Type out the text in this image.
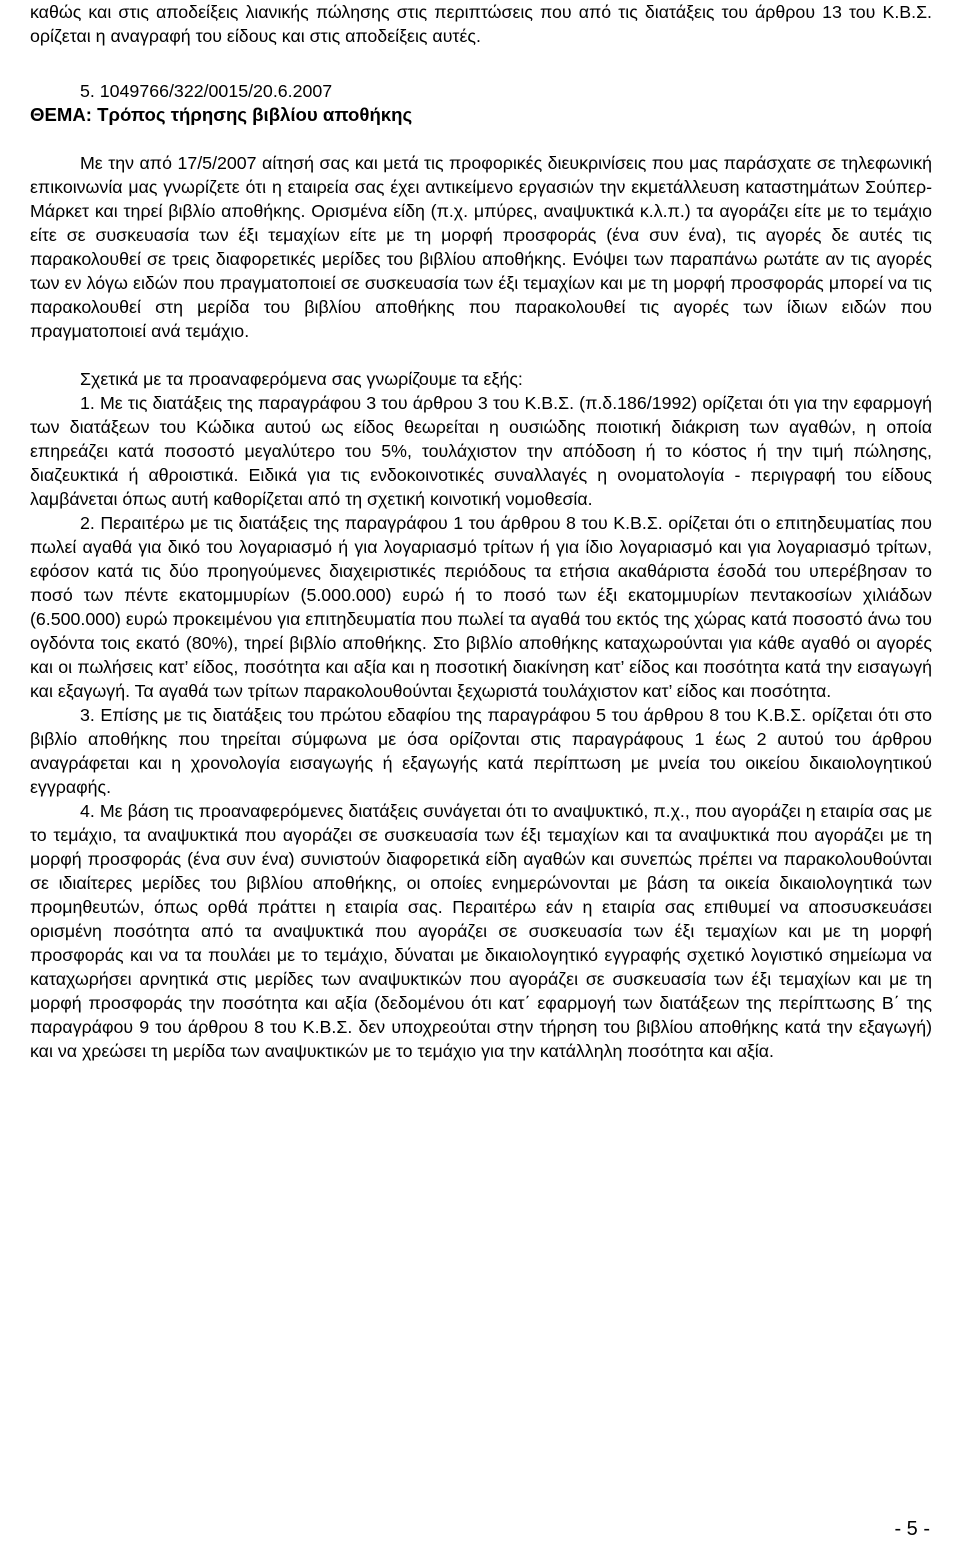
καθώς και στις αποδείξεις λιανικής πώλησης στις περιπτώσεις που από τις διατάξεις του άρθρου 13 του Κ.Β.Σ. ορίζεται η αναγραφή του είδους και στις αποδείξεις αυτές.

5. 1049766/322/0015/20.6.2007

ΘΕΜΑ: Τρόπος τήρησης βιβλίου αποθήκης

Με την από 17/5/2007 αίτησή σας και μετά τις προφορικές διευκρινίσεις που μας παράσχατε σε τηλεφωνική επικοινωνία μας γνωρίζετε ότι η εταιρεία σας έχει αντικείμενο εργασιών την εκμετάλλευση καταστημάτων Σούπερ-Μάρκετ και τηρεί βιβλίο αποθήκης. Ορισμένα είδη (π.χ. μπύρες, αναψυκτικά κ.λ.π.) τα αγοράζει είτε με το τεμάχιο είτε σε συσκευασία των έξι τεμαχίων είτε με τη μορφή προσφοράς (ένα συν ένα), τις αγορές δε αυτές τις παρακολουθεί σε τρεις διαφορετικές μερίδες του βιβλίου αποθήκης. Ενόψει των παραπάνω ρωτάτε αν τις αγορές των εν λόγω ειδών που πραγματοποιεί σε συσκευασία των έξι τεμαχίων και με τη μορφή προσφοράς μπορεί να τις παρακολουθεί στη μερίδα του βιβλίου αποθήκης που παρακολουθεί τις αγορές των ίδιων ειδών που πραγματοποιεί ανά τεμάχιο.

Σχετικά με τα προαναφερόμενα σας γνωρίζουμε τα εξής:

1. Με τις διατάξεις της παραγράφου 3 του άρθρου 3 του Κ.Β.Σ. (π.δ.186/1992) ορίζεται ότι για την εφαρμογή των διατάξεων του Κώδικα αυτού ως είδος θεωρείται η ουσιώδης ποιοτική διάκριση των αγαθών, η οποία επηρεάζει κατά ποσοστό μεγαλύτερο του 5%, τουλάχιστον την απόδοση ή το κόστος ή την τιμή πώλησης, διαζευκτικά ή αθροιστικά. Ειδικά για τις ενδοκοινοτικές συναλλαγές η ονοματολογία - περιγραφή του είδους λαμβάνεται όπως αυτή καθορίζεται από τη σχετική κοινοτική νομοθεσία.

2. Περαιτέρω με τις διατάξεις της παραγράφου 1 του άρθρου 8 του Κ.Β.Σ. ορίζεται ότι ο επιτηδευματίας που πωλεί αγαθά για δικό του λογαριασμό ή για λογαριασμό τρίτων ή για ίδιο λογαριασμό και για λογαριασμό τρίτων, εφόσον κατά τις δύο προηγούμενες διαχειριστικές περιόδους τα ετήσια ακαθάριστα έσοδά του υπερέβησαν το ποσό των πέντε εκατομμυρίων (5.000.000) ευρώ ή το ποσό των έξι εκατομμυρίων πεντακοσίων χιλιάδων (6.500.000) ευρώ προκειμένου για επιτηδευματία που πωλεί τα αγαθά του εκτός της χώρας κατά ποσοστό άνω του ογδόντα τοις εκατό (80%), τηρεί βιβλίο αποθήκης. Στο βιβλίο αποθήκης καταχωρούνται για κάθε αγαθό οι αγορές και οι πωλήσεις κατ’ είδος, ποσότητα και αξία και η ποσοτική διακίνηση κατ’ είδος και ποσότητα κατά την εισαγωγή και εξαγωγή. Τα αγαθά των τρίτων παρακολουθούνται ξεχωριστά τουλάχιστον κατ’ είδος και ποσότητα.

3. Επίσης με τις διατάξεις του πρώτου εδαφίου της παραγράφου 5 του άρθρου 8 του Κ.Β.Σ. ορίζεται ότι στο βιβλίο αποθήκης που τηρείται σύμφωνα με όσα ορίζονται στις παραγράφους 1 έως 2 αυτού του άρθρου αναγράφεται και η χρονολογία εισαγωγής ή εξαγωγής κατά περίπτωση με μνεία του οικείου δικαιολογητικού εγγραφής.

4. Με βάση τις προαναφερόμενες διατάξεις συνάγεται ότι το αναψυκτικό, π.χ., που αγοράζει η εταιρία σας με το τεμάχιο, τα αναψυκτικά που αγοράζει σε συσκευασία των έξι τεμαχίων και τα αναψυκτικά που αγοράζει με τη μορφή προσφοράς (ένα συν ένα) συνιστούν διαφορετικά είδη αγαθών και συνεπώς πρέπει να παρακολουθούνται σε ιδιαίτερες μερίδες του βιβλίου αποθήκης, οι οποίες ενημερώνονται με βάση τα οικεία δικαιολογητικά των προμηθευτών, όπως ορθά πράττει η εταιρία σας. Περαιτέρω εάν η εταιρία σας επιθυμεί να αποσυσκευάσει ορισμένη ποσότητα από τα αναψυκτικά που αγοράζει σε συσκευασία των έξι τεμαχίων και με τη μορφή προσφοράς και να τα πουλάει με το τεμάχιο, δύναται με δικαιολογητικό εγγραφής σχετικό λογιστικό σημείωμα να καταχωρήσει αρνητικά στις μερίδες των αναψυκτικών που αγοράζει σε συσκευασία των έξι τεμαχίων και με τη μορφή προσφοράς την ποσότητα και αξία (δεδομένου ότι κατ΄ εφαρμογή των διατάξεων της περίπτωσης Β΄ της παραγράφου 9 του άρθρου 8 του Κ.Β.Σ. δεν υποχρεούται στην τήρηση του βιβλίου αποθήκης κατά την εξαγωγή) και να χρεώσει τη μερίδα των αναψυκτικών με το τεμάχιο για την κατάλληλη ποσότητα και αξία.

- 5 -
